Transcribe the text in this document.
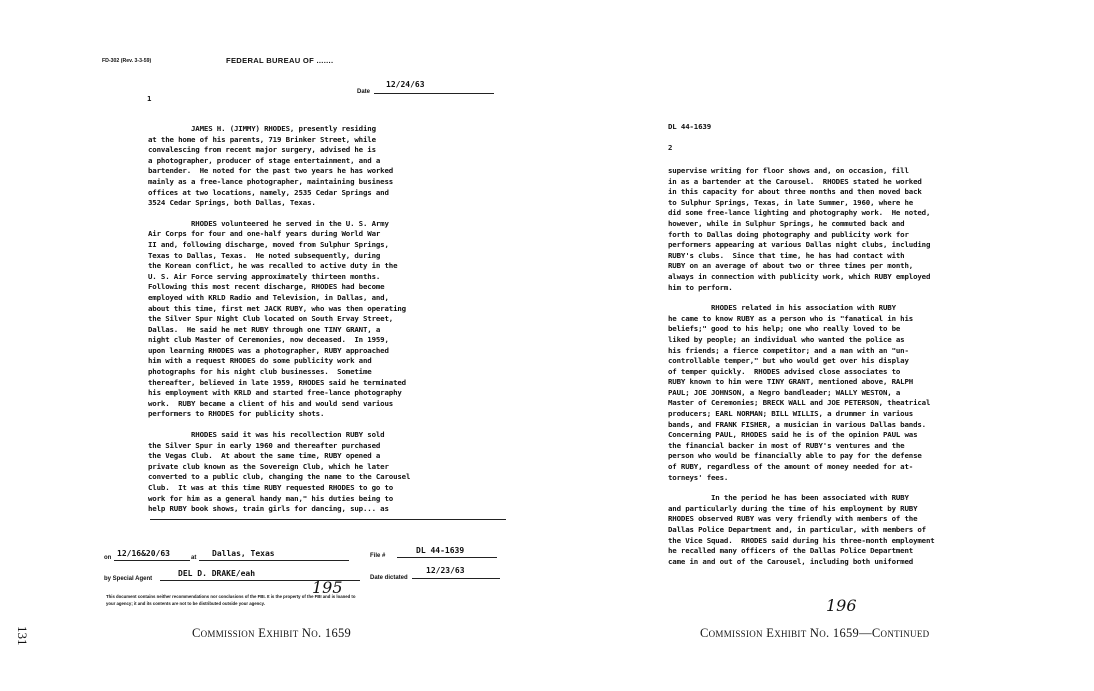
FD-302 (Rev. 3-3-59)	FEDERAL BUREAU OF .......
Date
12/24/63
1
JAMES H. (JIMMY) RHODES, presently residing
at the home of his parents, 719 Brinker Street, while
convalescing from recent major surgery, advised he is
a photographer, producer of stage entertainment, and a
bartender.  He noted for the past two years he has worked
mainly as a free-lance photographer, maintaining business
offices at two locations, namely, 2535 Cedar Springs and
3524 Cedar Springs, both Dallas, Texas.
RHODES volunteered he served in the U. S. Army
Air Corps for four and one-half years during World War
II and, following discharge, moved from Sulphur Springs,
Texas to Dallas, Texas.  He noted subsequently, during
the Korean conflict, he was recalled to active duty in the
U. S. Air Force serving approximately thirteen months.
Following this most recent discharge, RHODES had become
employed with KRLD Radio and Television, in Dallas, and,
about this time, first met JACK RUBY, who was then operating
the Silver Spur Night Club located on South Ervay Street,
Dallas.  He said he met RUBY through one TINY GRANT, a
night club Master of Ceremonies, now deceased.  In 1959,
upon learning RHODES was a photographer, RUBY approached
him with a request RHODES do some publicity work and
photographs for his night club businesses.  Sometime
thereafter, believed in late 1959, RHODES said he terminated
his employment with KRLD and started free-lance photography
work.  RUBY became a client of his and would send various
performers to RHODES for publicity shots.
RHODES said it was his recollection RUBY sold
the Silver Spur in early 1960 and thereafter purchased
the Vegas Club.  At about the same time, RUBY opened a
private club known as the Sovereign Club, which he later
converted to a public club, changing the name to the Carousel
Club.  It was at this time RUBY requested RHODES to go to
work for him as a general handy man," his duties being to
help RUBY book shows, train girls for dancing, sup... as
on 12/16&20/63	at Dallas, Texas	File #
DL 44-1639
by Special Agent
DEL D. DRAKE/eah	Date dictated
12/23/63
This document contains neither recommendations nor conclusions of the FBI. It is the property of the FBI and is loaned to
your agency; it and its contents are not to be distributed outside your agency.
195
Commission Exhibit No. 1659
DL 44-1639
2
supervise writing for floor shows and, on occasion, fill
in as a bartender at the Carousel.  RHODES stated he worked
in this capacity for about three months and then moved back
to Sulphur Springs, Texas, in late Summer, 1960, where he
did some free-lance lighting and photography work.  He noted,
however, while in Sulphur Springs, he commuted back and
forth to Dallas doing photography and publicity work for
performers appearing at various Dallas night clubs, including
RUBY's clubs.  Since that time, he has had contact with
RUBY on an average of about two or three times per month,
always in connection with publicity work, which RUBY employed
him to perform.
RHODES related in his association with RUBY
he came to know RUBY as a person who is "fanatical in his
beliefs;" good to his help; one who really loved to be
liked by people; an individual who wanted the police as
his friends; a fierce competitor; and a man with an "un-
controllable temper," but who would get over his display
of temper quickly.  RHODES advised close associates to
RUBY known to him were TINY GRANT, mentioned above, RALPH
PAUL; JOE JOHNSON, a Negro bandleader; WALLY WESTON, a
Master of Ceremonies; BRECK WALL and JOE PETERSON, theatrical
producers; EARL NORMAN; BILL WILLIS, a drummer in various
bands, and FRANK FISHER, a musician in various Dallas bands.
Concerning PAUL, RHODES said he is of the opinion PAUL was
the financial backer in most of RUBY's ventures and the
person who would be financially able to pay for the defense
of RUBY, regardless of the amount of money needed for at-
torneys' fees.
In the period he has been associated with RUBY
and particularly during the time of his employment by RUBY
RHODES observed RUBY was very friendly with members of the
Dallas Police Department and, in particular, with members of
the Vice Squad.  RHODES said during his three-month employment
he recalled many officers of the Dallas Police Department
came in and out of the Carousel, including both uniformed
196
Commission Exhibit No. 1659—Continued
131
